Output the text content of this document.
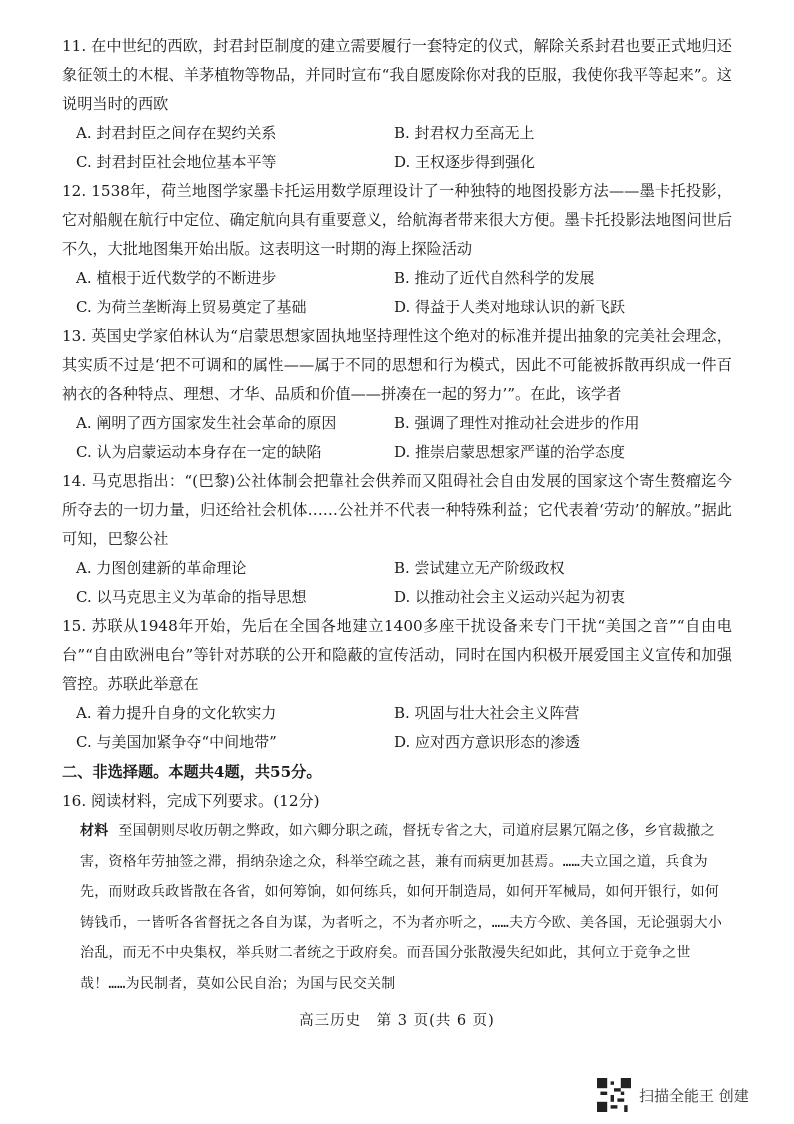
11. 在中世纪的西欧，封君封臣制度的建立需要履行一套特定的仪式，解除关系封君也要正式地归还象征领土的木棍、羊茅植物等物品，并同时宣布“我自愿废除你对我的臣服，我使你我平等起来”。这说明当时的西欧

A. 封君封臣之间存在契约关系	B. 封君权力至高无上
C. 封君封臣社会地位基本平等	D. 王权逐步得到强化

12. 1538年，荷兰地图学家墨卡托运用数学原理设计了一种独特的地图投影方法——墨卡托投影，它对船舰在航行中定位、确定航向具有重要意义，给航海者带来很大方便。墨卡托投影法地图问世后不久，大批地图集开始出版。这表明这一时期的海上探险活动

A. 植根于近代数学的不断进步	B. 推动了近代自然科学的发展
C. 为荷兰垄断海上贸易奠定了基础	D. 得益于人类对地球认识的新飞跃

13. 英国史学家伯林认为“启蒙思想家固执地坚持理性这个绝对的标准并提出抽象的完美社会理念，其实质不过是‘把不可调和的属性——属于不同的思想和行为模式，因此不可能被拆散再织成一件百衲衣的各种特点、理想、才华、品质和价值——拼凑在一起的努力’”。在此，该学者

A. 阐明了西方国家发生社会革命的原因	B. 强调了理性对推动社会进步的作用
C. 认为启蒙运动本身存在一定的缺陷	D. 推崇启蒙思想家严谨的治学态度

14. 马克思指出：“(巴黎)公社体制会把靠社会供养而又阻碍社会自由发展的国家这个寄生赘瘤迄今所夺去的一切力量，归还给社会机体……公社并不代表一种特殊利益；它代表着‘劳动’的解放。”据此可知，巴黎公社

A. 力图创建新的革命理论	B. 尝试建立无产阶级政权
C. 以马克思主义为革命的指导思想	D. 以推动社会主义运动兴起为初衷

15. 苏联从1948年开始，先后在全国各地建立1400多座干扰设备来专门干扰“美国之音”“自由电台”“自由欧洲电台”等针对苏联的公开和隐蔽的宣传活动，同时在国内积极开展爱国主义宣传和加强管控。苏联此举意在

A. 着力提升自身的文化软实力	B. 巩固与壮大社会主义阵营
C. 与美国加紧争夺“中间地带”	D. 应对西方意识形态的渗透

二、非选择题。本题共4题，共55分。

16. 阅读材料，完成下列要求。(12分)

材料 至国朝则尽收历朝之弊政，如六卿分职之疏，督抚专省之大，司道府层累冗隔之侈，乡官裁撤之害，资格年劳抽签之滞，捐纳杂途之众，科举空疏之甚，兼有而病更加甚焉。……夫立国之道，兵食为先，而财政兵政皆散在各省，如何筹饷，如何练兵，如何开制造局，如何开军械局，如何开银行，如何铸钱币，一皆听各省督抚之各自为谋，为者听之，不为者亦听之，……夫方今欧、美各国，无论强弱大小治乱，而无不中央集权，举兵财二者统之于政府矣。而吾国分张散漫失纪如此，其何立于竞争之世哉！……为民制者，莫如公民自治；为国与民交关制

高三历史　第 3 页(共 6 页)
扫描全能王 创建
